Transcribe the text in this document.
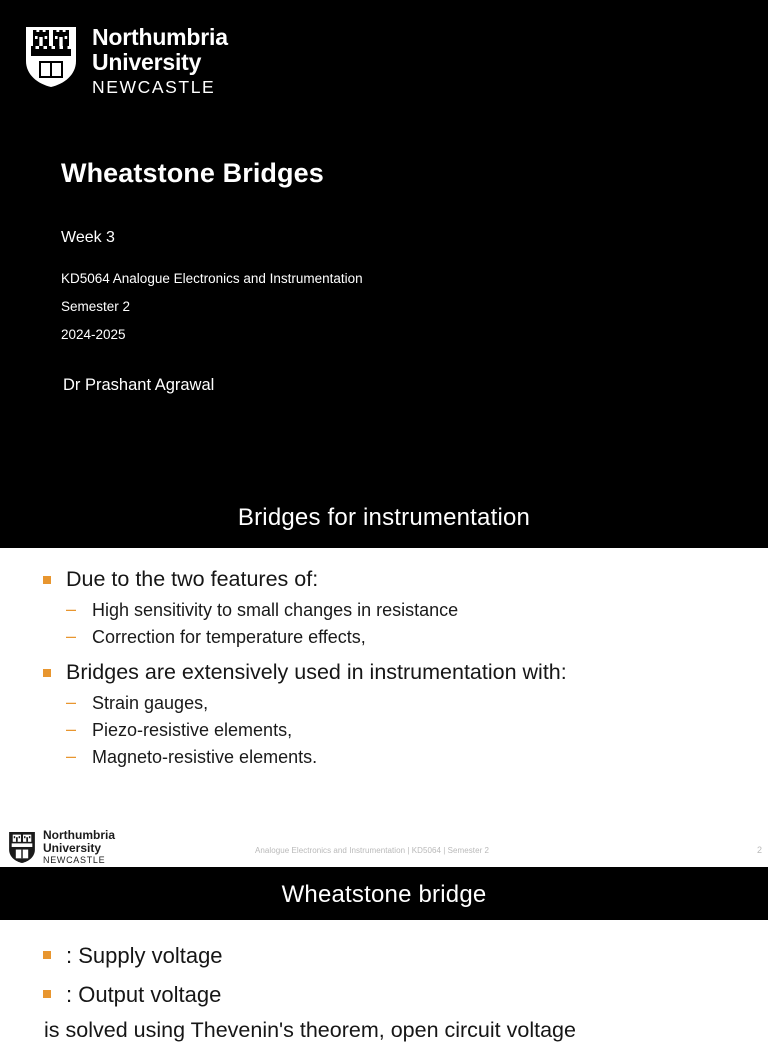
Northumbria
University
NEWCASTLE
Wheatstone Bridges
Week 3
KD5064 Analogue Electronics and Instrumentation
Semester 2
2024-2025
Dr Prashant Agrawal
Bridges for instrumentation
Due to the two features of:
– High sensitivity to small changes in resistance
– Correction for temperature effects,
Bridges are extensively used in instrumentation with:
– Strain gauges,
– Piezo-resistive elements,
– Magneto-resistive elements.
Northumbria
University
NEWCASTLE
Analogue Electronics and Instrumentation | KD5064 | Semester 2	2
Wheatstone bridge
: Supply voltage
: Output voltage
is solved using Thevenin's theorem, open circuit voltage
